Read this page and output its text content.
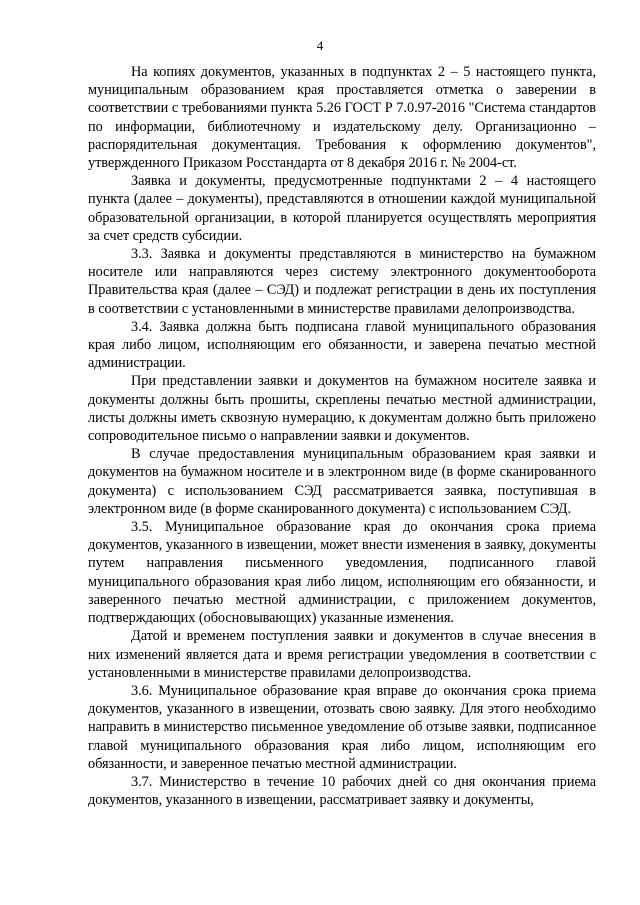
4

На копиях документов, указанных в подпунктах 2 – 5 настоящего пункта, муниципальным образованием края проставляется отметка о заверении в соответствии с требованиями пункта 5.26 ГОСТ Р 7.0.97-2016 "Система стандартов по информации, библиотечному и издательскому делу. Организационно – распорядительная документация. Требования к оформлению документов", утвержденного Приказом Росстандарта от 8 декабря 2016 г. № 2004-ст.

Заявка и документы, предусмотренные подпунктами 2 – 4 настоящего пункта (далее – документы), представляются в отношении каждой муниципальной образовательной организации, в которой планируется осуществлять мероприятия за счет средств субсидии.

3.3. Заявка и документы представляются в министерство на бумажном носителе или направляются через систему электронного документооборота Правительства края (далее – СЭД) и подлежат регистрации в день их поступления в соответствии с установленными в министерстве правилами делопроизводства.

3.4. Заявка должна быть подписана главой муниципального образования края либо лицом, исполняющим его обязанности, и заверена печатью местной администрации.

При представлении заявки и документов на бумажном носителе заявка и документы должны быть прошиты, скреплены печатью местной администрации, листы должны иметь сквозную нумерацию, к документам должно быть приложено сопроводительное письмо о направлении заявки и документов.

В случае предоставления муниципальным образованием края заявки и документов на бумажном носителе и в электронном виде (в форме сканированного документа) с использованием СЭД рассматривается заявка, поступившая в электронном виде (в форме сканированного документа) с использованием СЭД.

3.5. Муниципальное образование края до окончания срока приема документов, указанного в извещении, может внести изменения в заявку, документы путем направления письменного уведомления, подписанного главой муниципального образования края либо лицом, исполняющим его обязанности, и заверенного печатью местной администрации, с приложением документов, подтверждающих (обосновывающих) указанные изменения.

Датой и временем поступления заявки и документов в случае внесения в них изменений является дата и время регистрации уведомления в соответствии с установленными в министерстве правилами делопроизводства.

3.6. Муниципальное образование края вправе до окончания срока приема документов, указанного в извещении, отозвать свою заявку. Для этого необходимо направить в министерство письменное уведомление об отзыве заявки, подписанное главой муниципального образования края либо лицом, исполняющим его обязанности, и заверенное печатью местной администрации.

3.7. Министерство в течение 10 рабочих дней со дня окончания приема документов, указанного в извещении, рассматривает заявку и документы,
